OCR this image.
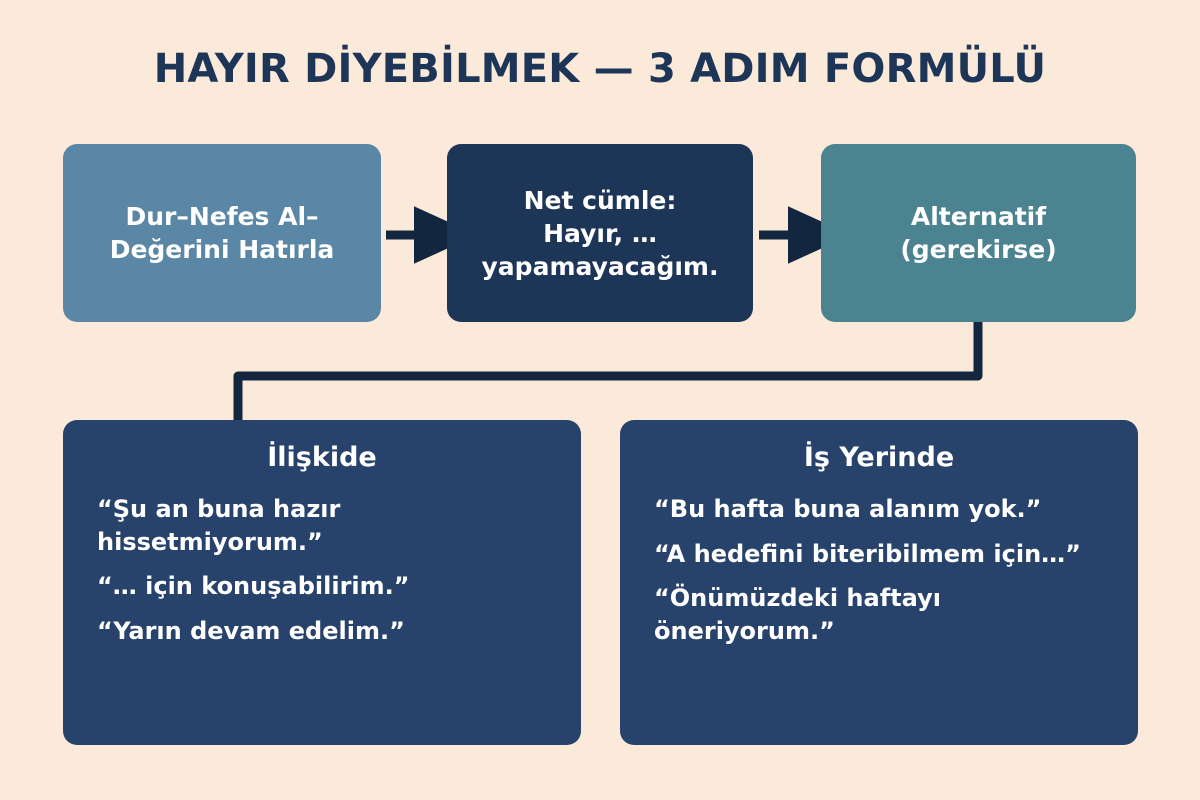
HAYIR DİYEBİLMEK — 3 ADIM FORMÜLÜ
Dur–Nefes Al–
Değerini Hatırla
Net cümle:
Hayır, …
yapamayacağım.
Alternatif
(gerekirse)
İlişkide
“Şu an buna hazır hissetmiyorum.”
“… için konuşabilirim.”
“Yarın devam edelim.”
İş Yerinde
“Bu hafta buna alanım yok.”
“A hedefini biteribilmem için…”
“Önümüzdeki haftayı öneriyorum.”
